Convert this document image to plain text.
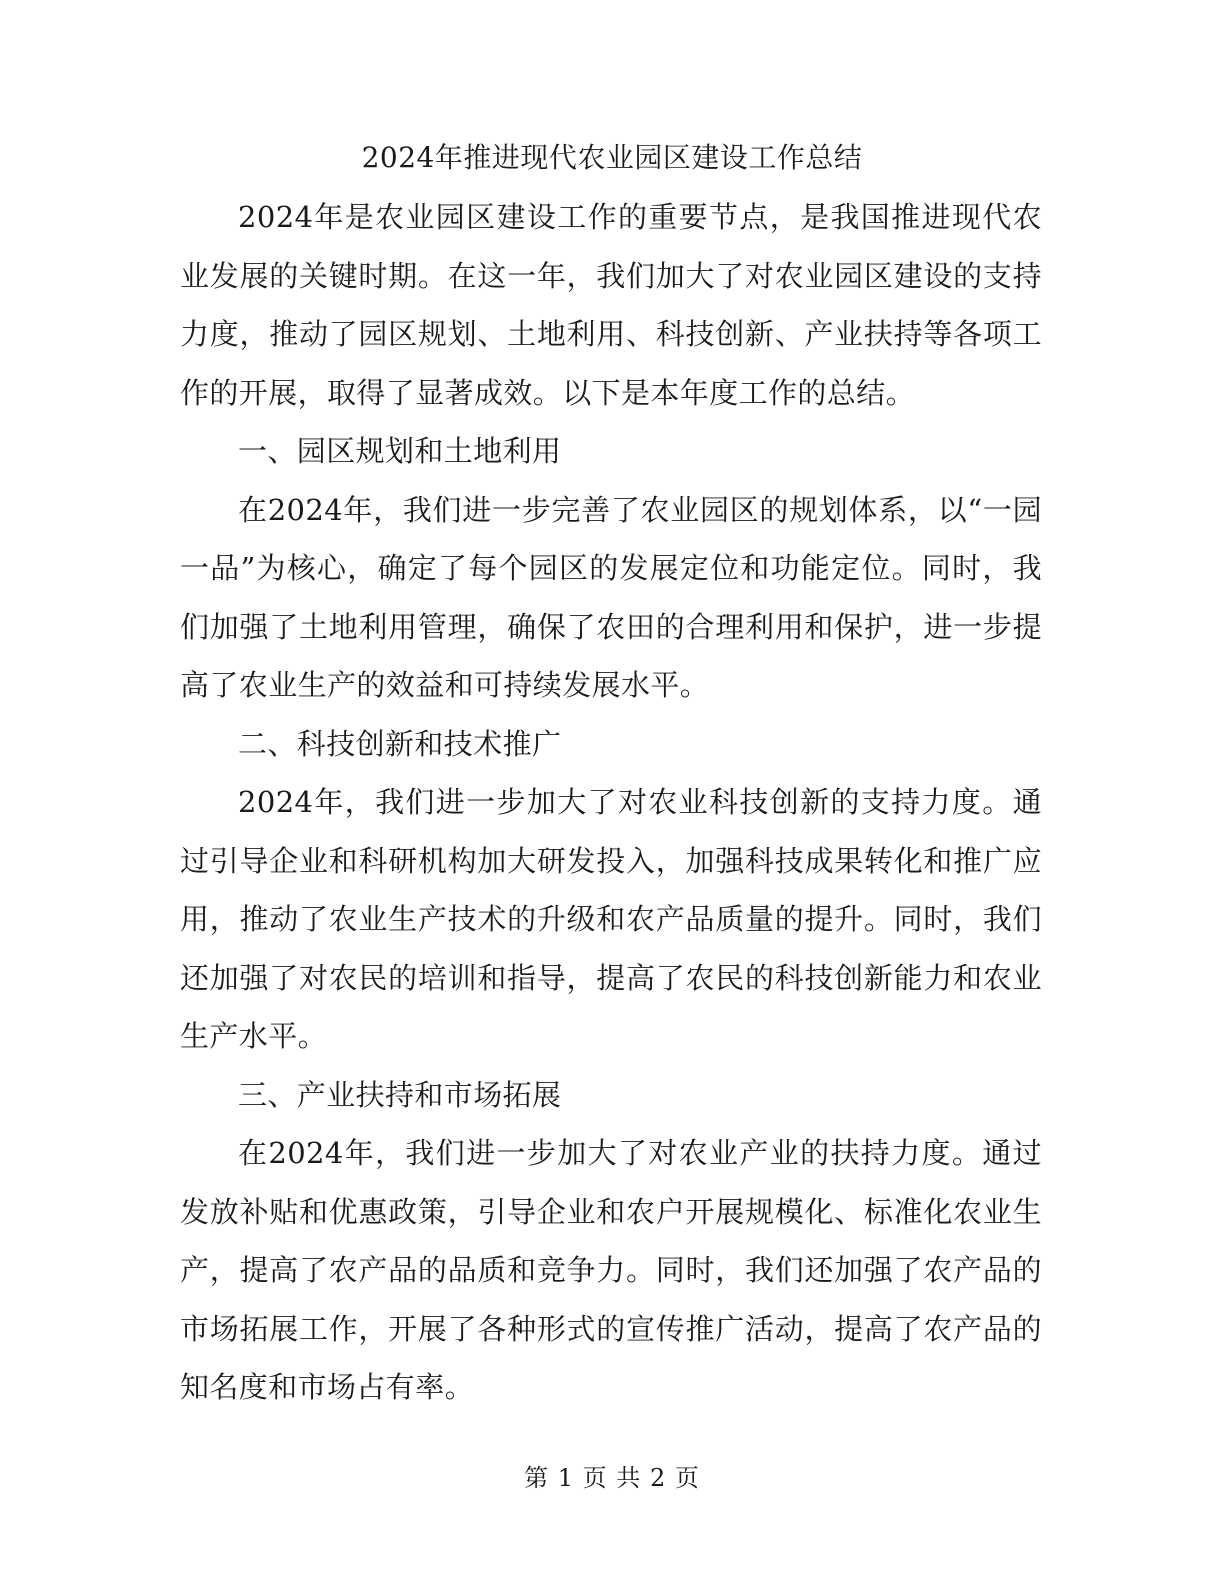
2024年推进现代农业园区建设工作总结

2024年是农业园区建设工作的重要节点，是我国推进现代农业发展的关键时期。在这一年，我们加大了对农业园区建设的支持力度，推动了园区规划、土地利用、科技创新、产业扶持等各项工作的开展，取得了显著成效。以下是本年度工作的总结。

一、园区规划和土地利用

在2024年，我们进一步完善了农业园区的规划体系，以“一园一品”为核心，确定了每个园区的发展定位和功能定位。同时，我们加强了土地利用管理，确保了农田的合理利用和保护，进一步提高了农业生产的效益和可持续发展水平。

二、科技创新和技术推广

2024年，我们进一步加大了对农业科技创新的支持力度。通过引导企业和科研机构加大研发投入，加强科技成果转化和推广应用，推动了农业生产技术的升级和农产品质量的提升。同时，我们还加强了对农民的培训和指导，提高了农民的科技创新能力和农业生产水平。

三、产业扶持和市场拓展

在2024年，我们进一步加大了对农业产业的扶持力度。通过发放补贴和优惠政策，引导企业和农户开展规模化、标准化农业生产，提高了农产品的品质和竞争力。同时，我们还加强了农产品的市场拓展工作，开展了各种形式的宣传推广活动，提高了农产品的知名度和市场占有率。

第 1 页 共 2 页
